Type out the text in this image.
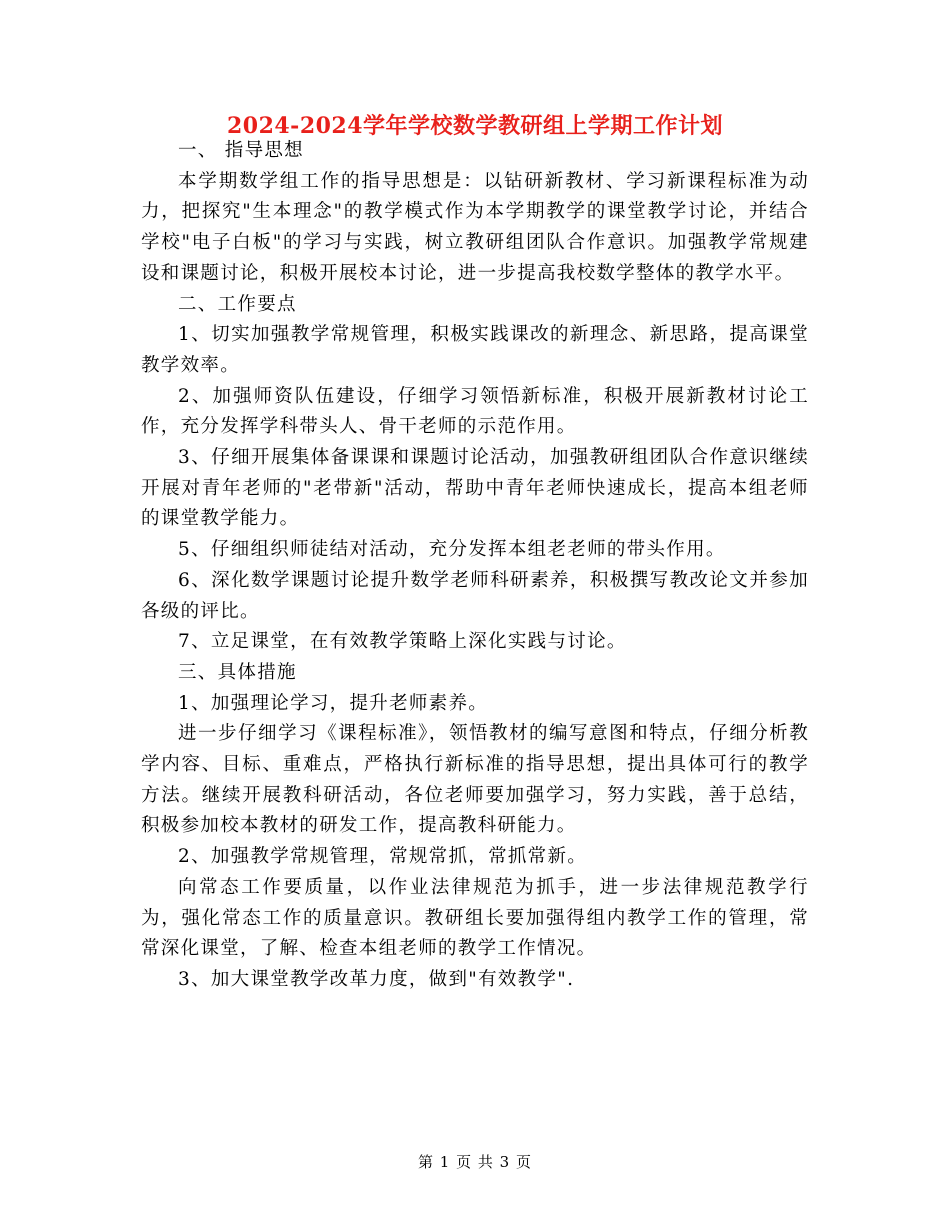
2024-2024学年学校数学教研组上学期工作计划

一、 指导思想

本学期数学组工作的指导思想是：以钻研新教材、学习新课程标准为动力，把探究"生本理念"的教学模式作为本学期教学的课堂教学讨论，并结合学校"电子白板"的学习与实践，树立教研组团队合作意识。加强教学常规建设和课题讨论，积极开展校本讨论，进一步提高我校数学整体的教学水平。

二、工作要点

1、切实加强教学常规管理，积极实践课改的新理念、新思路，提高课堂教学效率。

2、加强师资队伍建设，仔细学习领悟新标准，积极开展新教材讨论工作，充分发挥学科带头人、骨干老师的示范作用。

3、仔细开展集体备课课和课题讨论活动，加强教研组团队合作意识继续开展对青年老师的"老带新"活动，帮助中青年老师快速成长，提高本组老师的课堂教学能力。

5、仔细组织师徒结对活动，充分发挥本组老老师的带头作用。

6、深化数学课题讨论提升数学老师科研素养，积极撰写教改论文并参加各级的评比。

7、立足课堂，在有效教学策略上深化实践与讨论。

三、具体措施

1、加强理论学习，提升老师素养。

进一步仔细学习《课程标准》，领悟教材的编写意图和特点，仔细分析教学内容、目标、重难点，严格执行新标准的指导思想，提出具体可行的教学方法。继续开展教科研活动，各位老师要加强学习，努力实践，善于总结，积极参加校本教材的研发工作，提高教科研能力。

2、加强教学常规管理，常规常抓，常抓常新。

向常态工作要质量，以作业法律规范为抓手，进一步法律规范教学行为，强化常态工作的质量意识。教研组长要加强得组内教学工作的管理，常常深化课堂，了解、检查本组老师的教学工作情况。

3、加大课堂教学改革力度，做到"有效教学".

第 1 页 共 3 页
